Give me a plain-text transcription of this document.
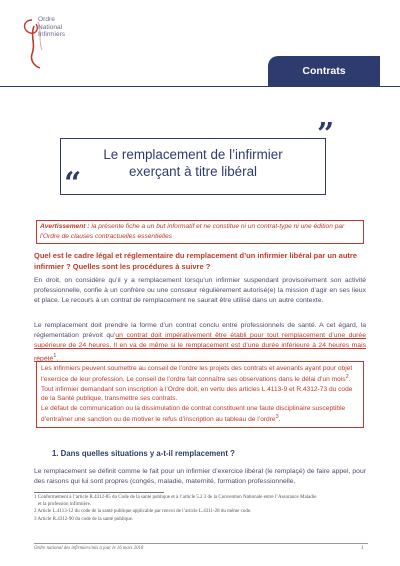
Ordre
National
Infirmiers
Contrats
”
Le remplacement de l’infirmier
exerçant à titre libéral
“
Avertissement : la présente fiche a un but informatif et ne constitue ni un contrat-type ni une édition par l’Ordre de clauses contractuelles essentielles
Quel est le cadre légal et réglementaire du remplacement d’un infirmier libéral par un autre infirmier ? Quelles sont les procédures à suivre ?
En droit, on considère qu’il y a remplacement lorsqu’un infirmier suspendant provisoirement son activité professionnelle, confie à un confrère ou une consœur régulièrement autorisé(e) la mission d’agir en ses lieux et place. Le recours à un contrat de remplacement ne saurait être utilisé dans un autre contexte.
Le remplacement doit prendre la forme d’un contrat conclu entre professionnels de santé. A cet égard, la réglementation prévoit qu’un contrat doit impérativement être établi pour tout remplacement d’une durée supérieure de 24 heures. Il en va de même si le remplacement est d’une durée inférieure à 24 heures mais répété$^1$.
Les infirmiers peuvent soumettre au conseil de l’ordre les projets des contrats et avenants ayant pour objet l’exercice de leur profession. Le conseil de l’ordre fait connaître ses observations dans le délai d’un mois$^2$.
Tout infirmier demandant son inscription à l’Ordre doit, en vertu des articles L.4113-9 et R.4312-73 du code de la Santé publique, transmettre ses contrats.
Le défaut de communication ou la dissimulation de contrat constituent une faute disciplinaire susceptible d’entraîner une sanction ou de motiver le refus d’inscription au tableau de l’ordre$^3$.
1. Dans quelles situations y a-t-il remplacement ?
Le remplacement se définit comme le fait pour un infirmier d’exercice libéral (le remplaçé) de faire appel, pour des raisons qui lui sont propres (congés, maladie, maternité, formation professionnelle,
1 Conformément à l’article R.4312-85 du Code de la santé publique et à l’article 5.2.3 de la Convention Nationale entre l’Assurance Maladie
et la profession infirmière.
2 Article L.4113-12 du code de la santé publique applicable par renvoi de l’article L.4311-28 du même code.
3 Article R.4312-90 du code de la santé publique.
Ordre national des infirmiers/mis à jour le 16 mars 2018	1
